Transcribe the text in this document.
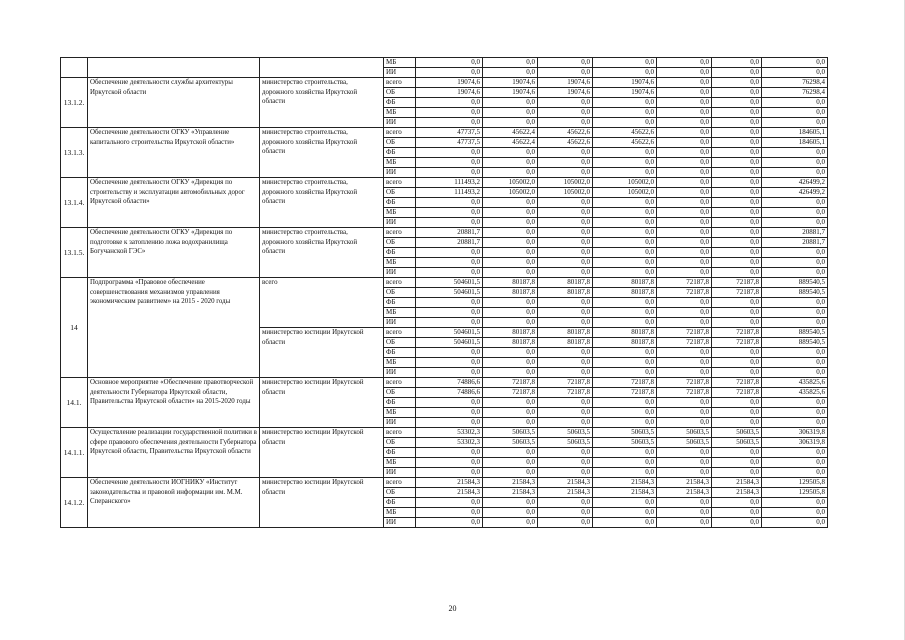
			МБ	0,0	0,0	0,0	0,0	0,0	0,0	0,0
			ИИ	0,0	0,0	0,0	0,0	0,0	0,0	0,0
13.1.2.	Обеспечение деятельности службы архитектуры Иркутской области	министерство строительства, дорожного хозяйства Иркутской области	всего	19074,6	19074,6	19074,6	19074,6	0,0	0,0	76298,4
			ОБ	19074,6	19074,6	19074,6	19074,6	0,0	0,0	76298,4
			ФБ	0,0	0,0	0,0	0,0	0,0	0,0	0,0
			МБ	0,0	0,0	0,0	0,0	0,0	0,0	0,0
			ИИ	0,0	0,0	0,0	0,0	0,0	0,0	0,0
13.1.3.	Обеспечение деятельности ОГКУ «Управление капитального строительства Иркутской области»	министерство строительства, дорожного хозяйства Иркутской области	всего	47737,5	45622,4	45622,6	45622,6	0,0	0,0	184605,1
			ОБ	47737,5	45622,4	45622,6	45622,6	0,0	0,0	184605,1
			ФБ	0,0	0,0	0,0	0,0	0,0	0,0	0,0
			МБ	0,0	0,0	0,0	0,0	0,0	0,0	0,0
			ИИ	0,0	0,0	0,0	0,0	0,0	0,0	0,0
13.1.4.	Обеспечение деятельности ОГКУ «Дирекция по строительству и эксплуатации автомобильных дорог Иркутской области»	министерство строительства, дорожного хозяйства Иркутской области	всего	111493,2	105002,0	105002,0	105002,0	0,0	0,0	426499,2
			ОБ	111493,2	105002,0	105002,0	105002,0	0,0	0,0	426499,2
			ФБ	0,0	0,0	0,0	0,0	0,0	0,0	0,0
			МБ	0,0	0,0	0,0	0,0	0,0	0,0	0,0
			ИИ	0,0	0,0	0,0	0,0	0,0	0,0	0,0
13.1.5.	Обеспечение деятельности ОГКУ «Дирекция по подготовке к затоплению ложа водохранилища Богучанской ГЭС»	министерство строительства, дорожного хозяйства Иркутской области	всего	20881,7	0,0	0,0	0,0	0,0	0,0	20881,7
			ОБ	20881,7	0,0	0,0	0,0	0,0	0,0	20881,7
			ФБ	0,0	0,0	0,0	0,0	0,0	0,0	0,0
			МБ	0,0	0,0	0,0	0,0	0,0	0,0	0,0
			ИИ	0,0	0,0	0,0	0,0	0,0	0,0	0,0
14	Подпрограмма «Правовое обеспечение совершенствования механизмов управления экономическим развитием» на 2015 - 2020 годы	всего	всего	504601,5	80187,8	80187,8	80187,8	72187,8	72187,8	889540,5
			ОБ	504601,5	80187,8	80187,8	80187,8	72187,8	72187,8	889540,5
			ФБ	0,0	0,0	0,0	0,0	0,0	0,0	0,0
			МБ	0,0	0,0	0,0	0,0	0,0	0,0	0,0
			ИИ	0,0	0,0	0,0	0,0	0,0	0,0	0,0
		министерство юстиции Иркутской области	всего	504601,5	80187,8	80187,8	80187,8	72187,8	72187,8	889540,5
			ОБ	504601,5	80187,8	80187,8	80187,8	72187,8	72187,8	889540,5
			ФБ	0,0	0,0	0,0	0,0	0,0	0,0	0,0
			МБ	0,0	0,0	0,0	0,0	0,0	0,0	0,0
			ИИ	0,0	0,0	0,0	0,0	0,0	0,0	0,0
14.1.	Основное мероприятие «Обеспечение правотворческой деятельности Губернатора Иркутской области, Правительства Иркутской области» на 2015-2020 годы	министерство юстиции Иркутской области	всего	74886,6	72187,8	72187,8	72187,8	72187,8	72187,8	435825,6
			ОБ	74886,6	72187,8	72187,8	72187,8	72187,8	72187,8	435825,6
			ФБ	0,0	0,0	0,0	0,0	0,0	0,0	0,0
			МБ	0,0	0,0	0,0	0,0	0,0	0,0	0,0
			ИИ	0,0	0,0	0,0	0,0	0,0	0,0	0,0
14.1.1.	Осуществление реализации государственной политики в сфере правового обеспечения деятельности Губернатора Иркутской области, Правительства Иркутской области	министерство юстиции Иркутской области	всего	53302,3	50603,5	50603,5	50603,5	50603,5	50603,5	306319,8
			ОБ	53302,3	50603,5	50603,5	50603,5	50603,5	50603,5	306319,8
			ФБ	0,0	0,0	0,0	0,0	0,0	0,0	0,0
			МБ	0,0	0,0	0,0	0,0	0,0	0,0	0,0
			ИИ	0,0	0,0	0,0	0,0	0,0	0,0	0,0
14.1.2.	Обеспечение деятельности ИОГНИКУ «Институт законодательства и правовой информации им. М.М. Сперанского»	министерство юстиции Иркутской области	всего	21584,3	21584,3	21584,3	21584,3	21584,3	21584,3	129505,8
			ОБ	21584,3	21584,3	21584,3	21584,3	21584,3	21584,3	129505,8
			ФБ	0,0	0,0	0,0	0,0	0,0	0,0	0,0
			МБ	0,0	0,0	0,0	0,0	0,0	0,0	0,0
			ИИ	0,0	0,0	0,0	0,0	0,0	0,0	0,0
20
